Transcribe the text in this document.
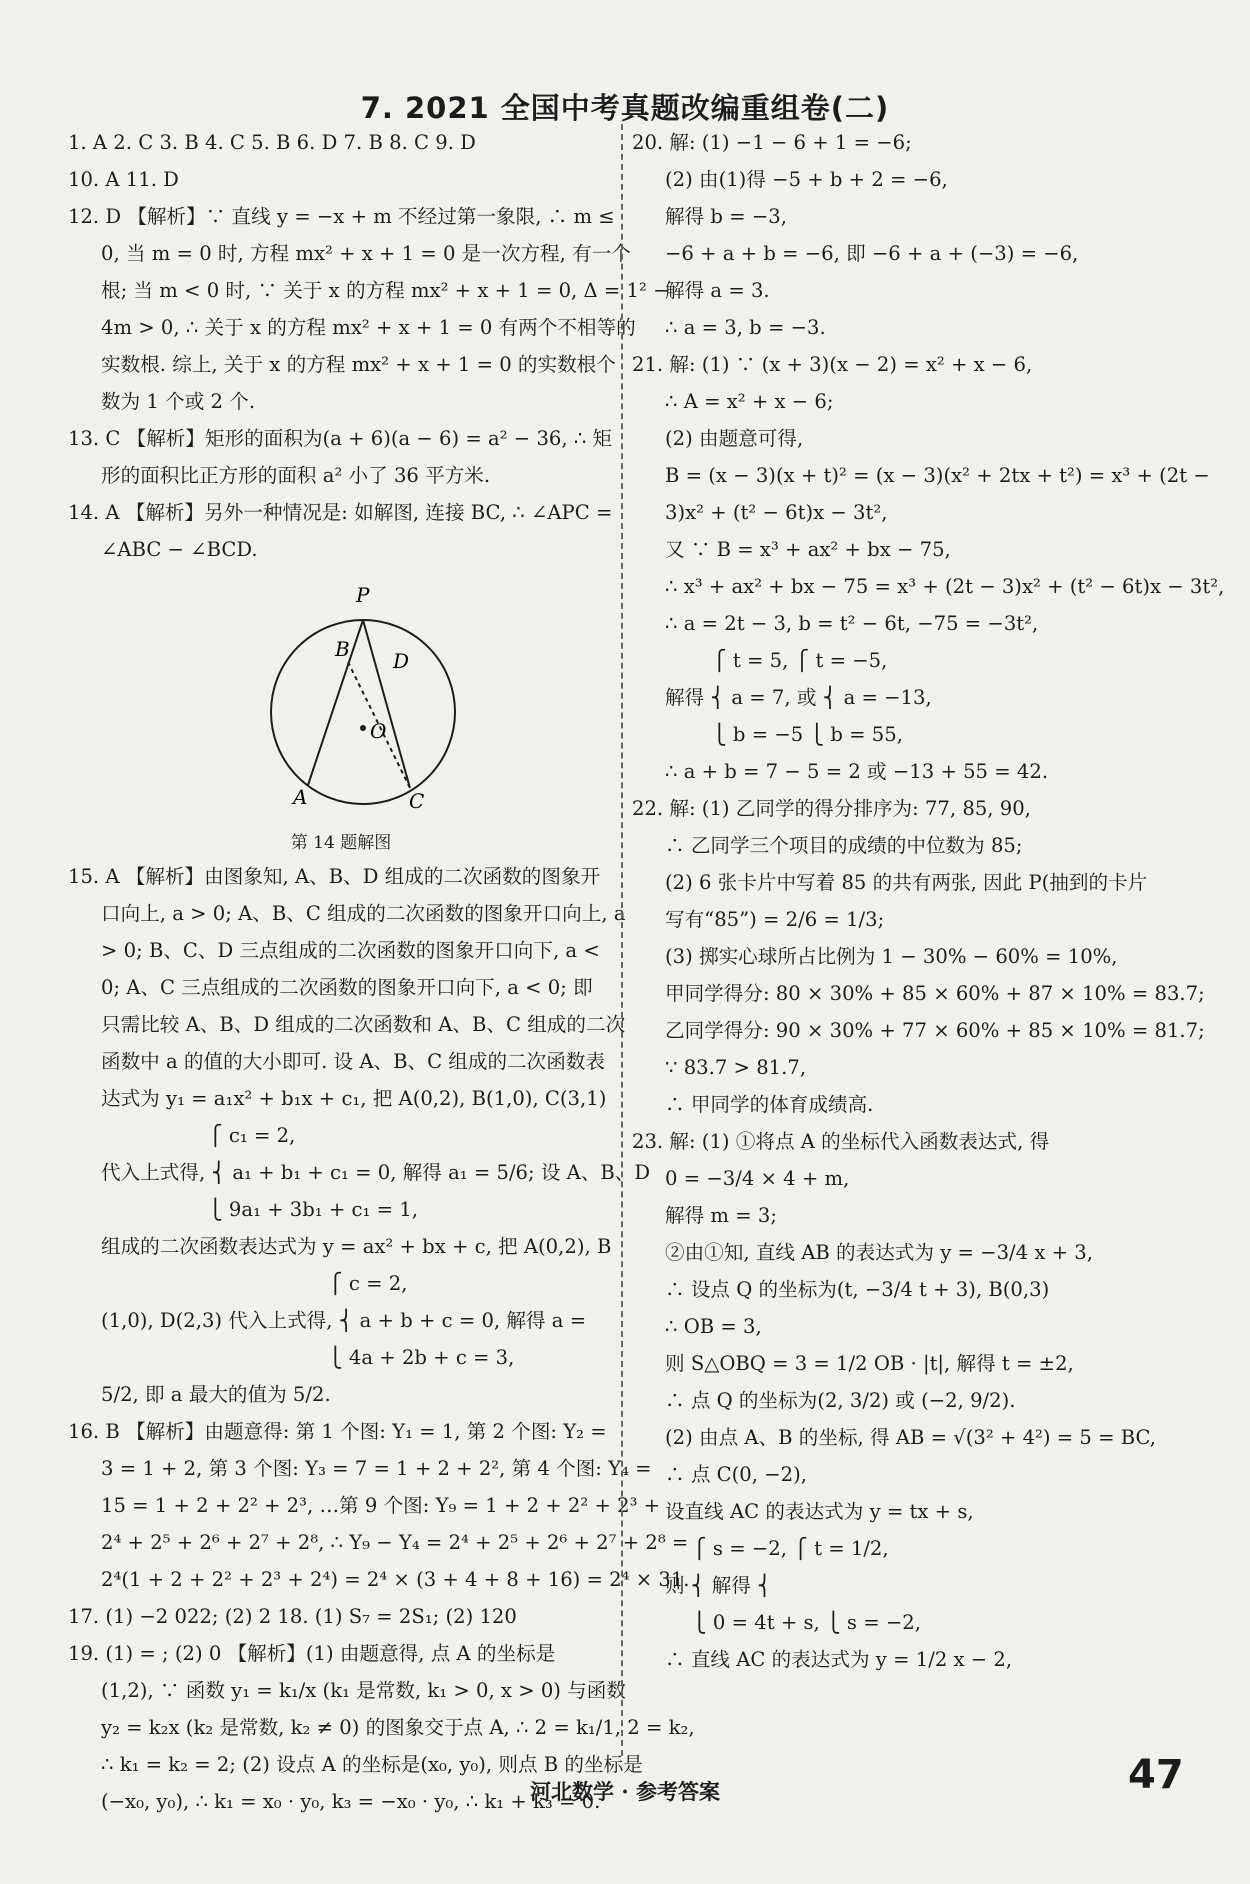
7. 2021 全国中考真题改编重组卷(二)
1. A 2. C 3. B 4. C 5. B 6. D 7. B 8. C 9. D
10. A 11. D
12. D 【解析】∵ 直线 y = −x + m 不经过第一象限, ∴ m ≤
0, 当 m = 0 时, 方程 mx² + x + 1 = 0 是一次方程, 有一个
根; 当 m < 0 时, ∵ 关于 x 的方程 mx² + x + 1 = 0, Δ = 1² −
4m > 0, ∴ 关于 x 的方程 mx² + x + 1 = 0 有两个不相等的
实数根. 综上, 关于 x 的方程 mx² + x + 1 = 0 的实数根个
数为 1 个或 2 个.
13. C 【解析】矩形的面积为(a + 6)(a − 6) = a² − 36, ∴ 矩
形的面积比正方形的面积 a² 小了 36 平方米.
14. A 【解析】另外一种情况是: 如解图, 连接 BC, ∴ ∠APC =
∠ABC − ∠BCD.
P
B D
O
A	C
第 14 题解图
15. A 【解析】由图象知, A、B、D 组成的二次函数的图象开
口向上, a > 0; A、B、C 组成的二次函数的图象开口向上, a
> 0; B、C、D 三点组成的二次函数的图象开口向下, a <
0; A、C 三点组成的二次函数的图象开口向下, a < 0; 即
只需比较 A、B、D 组成的二次函数和 A、B、C 组成的二次
函数中 a 的值的大小即可. 设 A、B、C 组成的二次函数表
达式为 y₁ = a₁x² + b₁x + c₁, 把 A(0,2), B(1,0), C(3,1)
⎧ c₁ = 2,
代入上式得, ⎨ a₁ + b₁ + c₁ = 0, 解得 a₁ = 5/6; 设 A、B、D
⎩ 9a₁ + 3b₁ + c₁ = 1,
组成的二次函数表达式为 y = ax² + bx + c, 把 A(0,2), B
⎧ c = 2,
(1,0), D(2,3) 代入上式得, ⎨ a + b + c = 0, 解得 a =
⎩ 4a + 2b + c = 3,
5/2, 即 a 最大的值为 5/2.
16. B 【解析】由题意得: 第 1 个图: Y₁ = 1, 第 2 个图: Y₂ =
3 = 1 + 2, 第 3 个图: Y₃ = 7 = 1 + 2 + 2², 第 4 个图: Y₄ =
15 = 1 + 2 + 2² + 2³, …第 9 个图: Y₉ = 1 + 2 + 2² + 2³ +
2⁴ + 2⁵ + 2⁶ + 2⁷ + 2⁸, ∴ Y₉ − Y₄ = 2⁴ + 2⁵ + 2⁶ + 2⁷ + 2⁸ =
2⁴(1 + 2 + 2² + 2³ + 2⁴) = 2⁴ × (3 + 4 + 8 + 16) = 2⁴ × 31.
17. (1) −2 022; (2) 2 18. (1) S₇ = 2S₁; (2) 120
19. (1) = ; (2) 0 【解析】(1) 由题意得, 点 A 的坐标是
(1,2), ∵ 函数 y₁ = k₁/x (k₁ 是常数, k₁ > 0, x > 0) 与函数
y₂ = k₂x (k₂ 是常数, k₂ ≠ 0) 的图象交于点 A, ∴ 2 = k₁/1, 2 = k₂,
∴ k₁ = k₂ = 2; (2) 设点 A 的坐标是(x₀, y₀), 则点 B 的坐标是
(−x₀, y₀), ∴ k₁ = x₀ · y₀, k₃ = −x₀ · y₀, ∴ k₁ + k₃ = 0.
20. 解: (1) −1 − 6 + 1 = −6;
(2) 由(1)得 −5 + b + 2 = −6,
解得 b = −3,
−6 + a + b = −6, 即 −6 + a + (−3) = −6,
解得 a = 3.
∴ a = 3, b = −3.
21. 解: (1) ∵ (x + 3)(x − 2) = x² + x − 6,
∴ A = x² + x − 6;
(2) 由题意可得,
B = (x − 3)(x + t)² = (x − 3)(x² + 2tx + t²) = x³ + (2t −
3)x² + (t² − 6t)x − 3t²,
又 ∵ B = x³ + ax² + bx − 75,
∴ x³ + ax² + bx − 75 = x³ + (2t − 3)x² + (t² − 6t)x − 3t²,
∴ a = 2t − 3, b = t² − 6t, −75 = −3t²,
⎧ t = 5, ⎧ t = −5,
解得 ⎨ a = 7, 或 ⎨ a = −13,
⎩ b = −5 ⎩ b = 55,
∴ a + b = 7 − 5 = 2 或 −13 + 55 = 42.
22. 解: (1) 乙同学的得分排序为: 77, 85, 90,
∴ 乙同学三个项目的成绩的中位数为 85;
(2) 6 张卡片中写着 85 的共有两张, 因此 P(抽到的卡片
写有“85”) = 2/6 = 1/3;
(3) 掷实心球所占比例为 1 − 30% − 60% = 10%,
甲同学得分: 80 × 30% + 85 × 60% + 87 × 10% = 83.7;
乙同学得分: 90 × 30% + 77 × 60% + 85 × 10% = 81.7;
∵ 83.7 > 81.7,
∴ 甲同学的体育成绩高.
23. 解: (1) ①将点 A 的坐标代入函数表达式, 得
0 = −3/4 × 4 + m,
解得 m = 3;
②由①知, 直线 AB 的表达式为 y = −3/4 x + 3,
∴ 设点 Q 的坐标为(t, −3/4 t + 3), B(0,3)
∴ OB = 3,
则 S△OBQ = 3 = 1/2 OB · |t|, 解得 t = ±2,
∴ 点 Q 的坐标为(2, 3/2) 或 (−2, 9/2).
(2) 由点 A、B 的坐标, 得 AB = √(3² + 4²) = 5 = BC,
∴ 点 C(0, −2),
设直线 AC 的表达式为 y = tx + s,
⎧ s = −2, ⎧ t = 1/2,
则 ⎨ 解得 ⎨
⎩ 0 = 4t + s, ⎩ s = −2,
∴ 直线 AC 的表达式为 y = 1/2 x − 2,
河北数学 · 参考答案	47
